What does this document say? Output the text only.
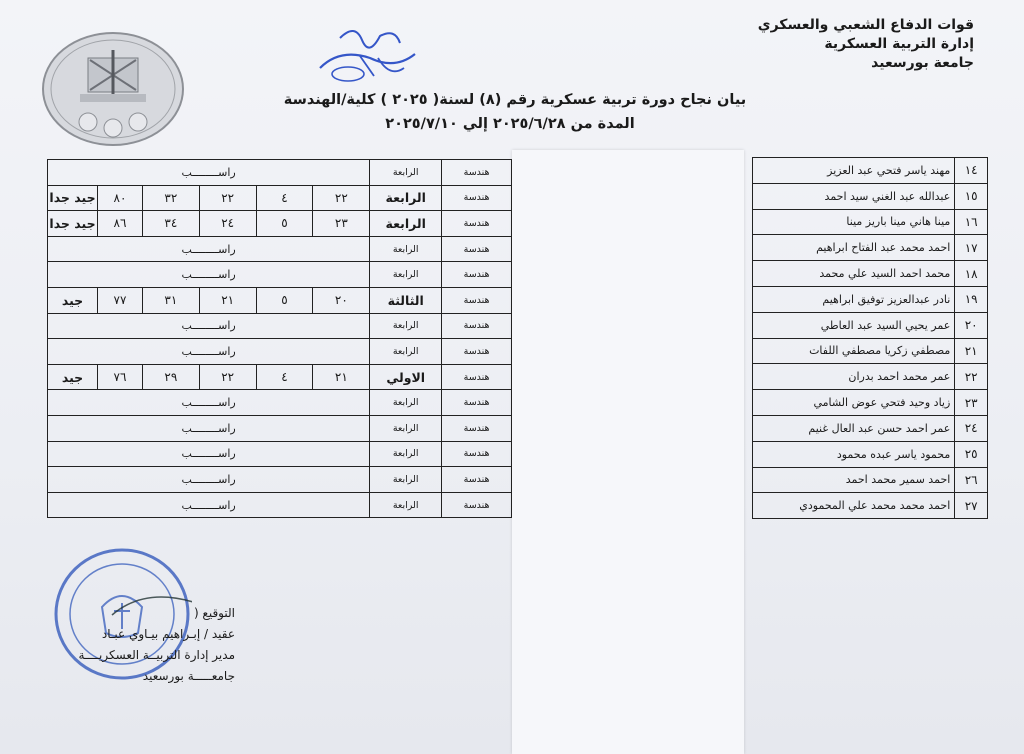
قوات الدفاع الشعبي والعسكري
إدارة التربية العسكرية
جامعة بورسعيد
بيان نجاح دورة تربية عسكرية رقم (٨) لسنة( ٢٠٢٥ ) كلية/الهندسة
المدة من ٢٠٢٥/٦/٢٨ إلي ٢٠٢٥/٧/١٠
هندسة	الرابعة	راســــــــب					
هندسة	الرابعة	٢٢	٤	٢٢	٣٢	٨٠	جيد جدا
هندسة	الرابعة	٢٣	٥	٢٤	٣٤	٨٦	جيد جدا
هندسة	الرابعة	راســــــــب					
هندسة	الرابعة	راســــــــب					
هندسة	الثالثة	٢٠	٥	٢١	٣١	٧٧	جيد
هندسة	الرابعة	راســــــــب					
هندسة	الرابعة	راســــــــب					
هندسة	الاولي	٢١	٤	٢٢	٢٩	٧٦	جيد
هندسة	الرابعة	راســــــــب					
هندسة	الرابعة	راســــــــب					
هندسة	الرابعة	راســــــــب					
هندسة	الرابعة	راســــــــب					
هندسة	الرابعة	راســــــــب					
١٤	مهند ياسر فتحي عبد العزيز
١٥	عبدالله عبد الغني سيد احمد
١٦	مينا هاني مينا باريز مينا
١٧	احمد محمد عبد الفتاح ابراهيم
١٨	محمد احمد السيد علي محمد
١٩	نادر عبدالعزيز توفيق ابراهيم
٢٠	عمر يحيي السيد عبد العاطي
٢١	مصطفي زكريا مصطفي اللفات
٢٢	عمر محمد احمد بدران
٢٣	زياد وحيد فتحي عوض الشامي
٢٤	عمر احمد حسن عبد العال غنيم
٢٥	محمود ياسر عبده محمود
٢٦	احمد سمير محمد احمد
٢٧	احمد محمد محمد علي المحمودي
التوقيع (
عقيد / إبـراهيم بيـاوي عبـاد
مدير إدارة التربيــة العسكريــــة
جامعـــــة بورسعيد
